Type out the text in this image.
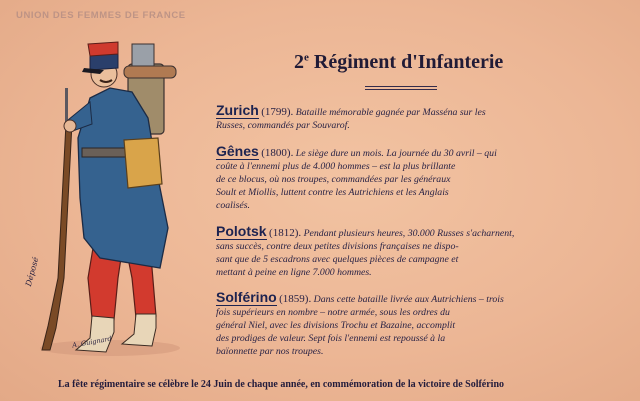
UNION DES FEMMES DE FRANCE
Déposé
A. Guignard
2e Régiment d'Infanterie
Zurich (1799). Bataille mémorable gagnée par Masséna sur les
Russes, commandés par Souvarof.
Gênes (1800). Le siège dure un mois. La journée du 30 avril – qui
coûte à l'ennemi plus de 4.000 hommes – est la plus brillante
de ce blocus, où nos troupes, commandées par les généraux
Soult et Miollis, luttent contre les Autrichiens et les Anglais
coalisés.
Polotsk (1812). Pendant plusieurs heures, 30.000 Russes s'acharnent,
sans succès, contre deux petites divisions françaises ne dispo-
sant que de 5 escadrons avec quelques pièces de campagne et
mettant à peine en ligne 7.000 hommes.
Solférino (1859). Dans cette bataille livrée aux Autrichiens – trois
fois supérieurs en nombre – notre armée, sous les ordres du
général Niel, avec les divisions Trochu et Bazaine, accomplit
des prodiges de valeur. Sept fois l'ennemi est repoussé à la
baïonnette par nos troupes.
La fête régimentaire se célèbre le 24 Juin de chaque année, en commémoration de la victoire de Solférino
